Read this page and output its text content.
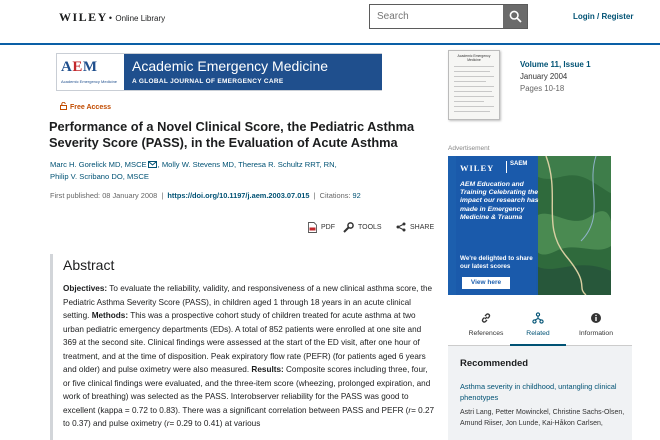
WILEY• Online Library
Search	Login / Register
AEM
Academic Emergency Medicine
Academic Emergency Medicine
A GLOBAL JOURNAL OF EMERGENCY CARE
Free Access
Performance of a Novel Clinical Score, the Pediatric Asthma Severity Score (PASS), in the Evaluation of Acute Asthma
Marc H. Gorelick MD, MSCE , Molly W. Stevens MD, Theresa R. Schultz RRT, RN,
Philip V. Scribano DO, MSCE
First published: 08 January 2008  |  https://doi.org/10.1197/j.aem.2003.07.015  |  Citations: 92
PDF	TOOLS	SHARE
Abstract
Objectives: To evaluate the reliability, validity, and responsiveness of a new clinical asthma score, the Pediatric Asthma Severity Score (PASS), in children aged 1 through 18 years in an acute clinical setting. Methods: This was a prospective cohort study of children treated for acute asthma at two urban pediatric emergency departments (EDs). A total of 852 patients were enrolled at one site and 369 at the second site. Clinical findings were assessed at the start of the ED visit, after one hour of treatment, and at the time of disposition. Peak expiratory flow rate (PEFR) (for patients aged 6 years and older) and pulse oximetry were also measured. Results: Composite scores including three, four, or five clinical findings were evaluated, and the three-item score (wheezing, prolonged expiration, and work of breathing) was selected as the PASS. Interobserver reliability for the PASS was good to excellent (kappa = 0.72 to 0.83). There was a significant correlation between PASS and PEFR (r= 0.27 to 0.37) and pulse oximetry (r= 0.29 to 0.41) at various
Academic Emergency Medicine	Volume 11, Issue 1
January 2004
Pages 10-18
Advertisement
WILEY	SAEM
AEM Education and Training Celebrating the impact our research has made in Emergency Medicine & Trauma
We're delighted to share our latest scores
View here
References	Related	Information
Recommended
Asthma severity in childhood, untangling clinical phenotypes
Astri Lang, Petter Mowinckel, Christine Sachs-Olsen, Amund Riiser, Jon Lunde, Kai-Håkon Carlsen,
